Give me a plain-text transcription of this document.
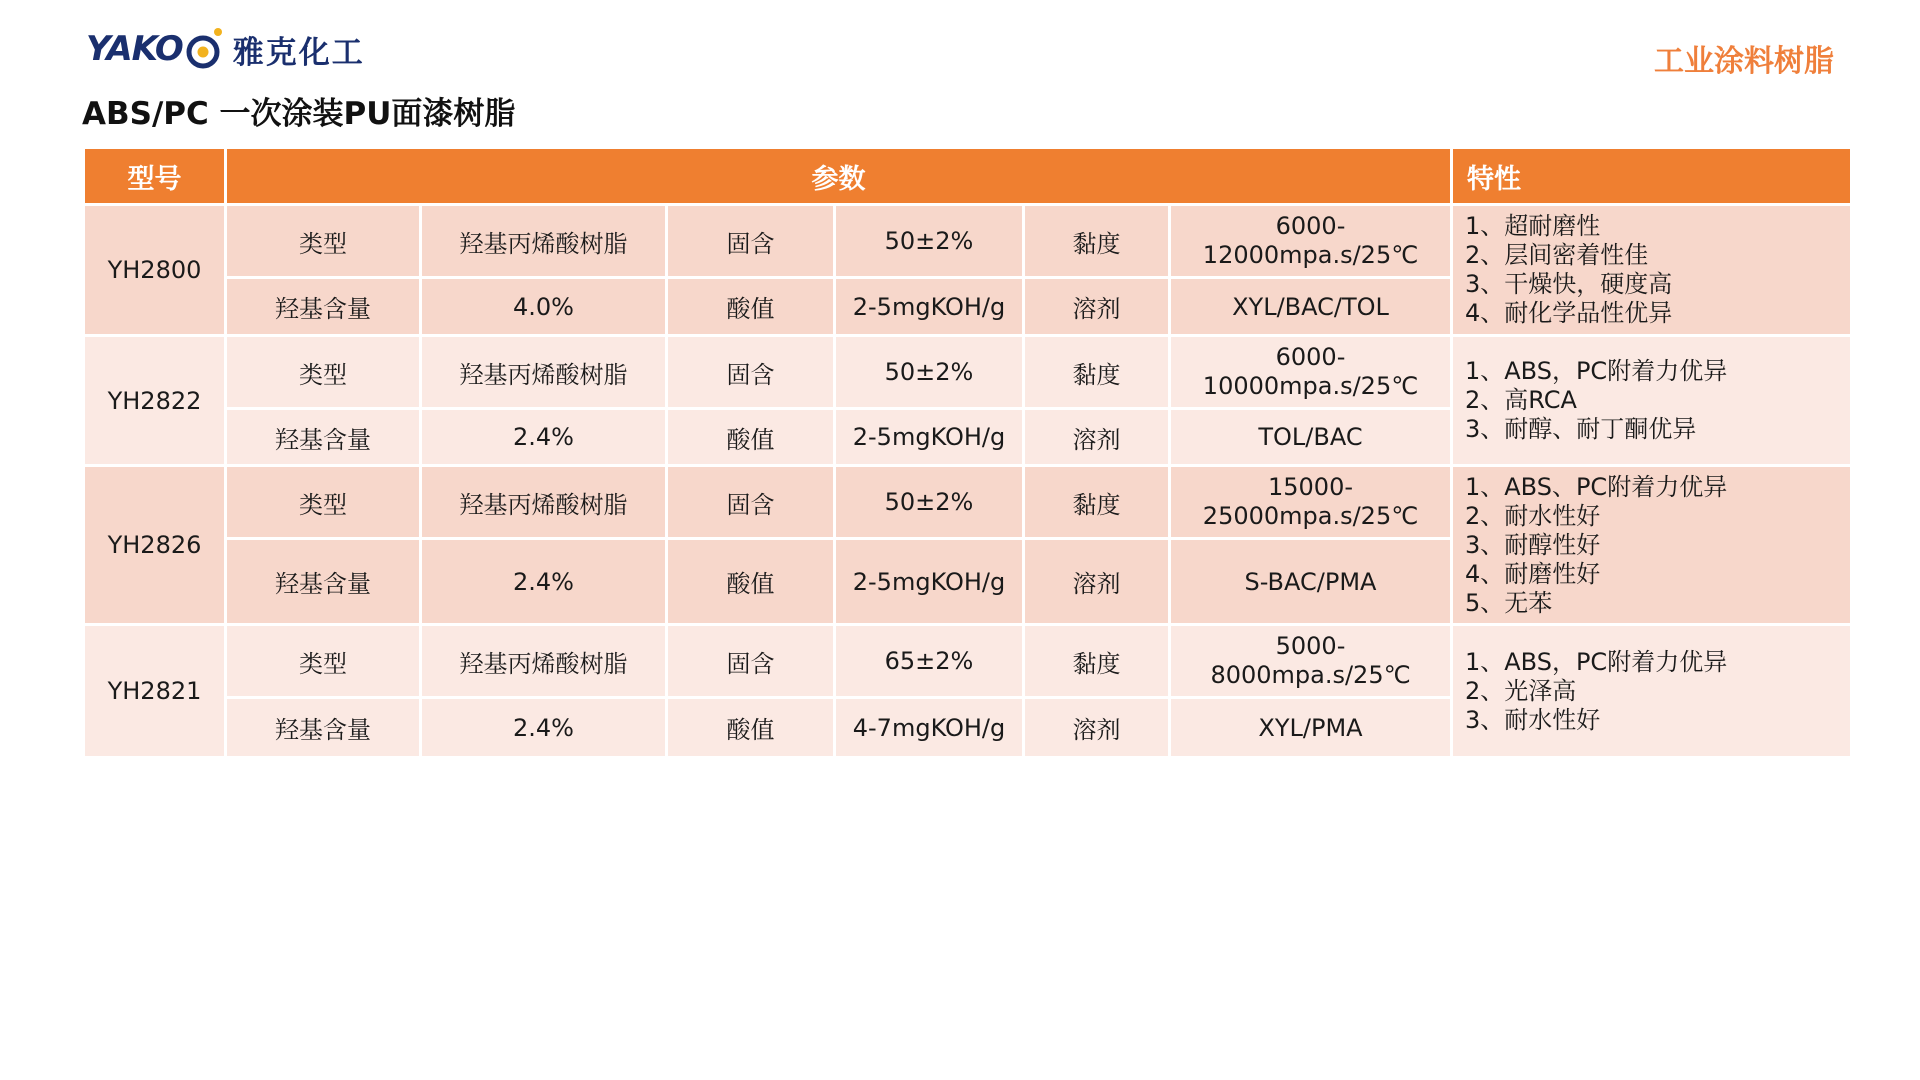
YAKO 雅克化工	工业涂料树脂
ABS/PC 一次涂装PU面漆树脂
型号	参数						特性
YH2800	类型	羟基丙烯酸树脂	固含	50±2%	黏度	6000-
12000mpa.s/25℃	1、超耐磨性
2、层间密着性佳
3、干燥快，硬度高
4、耐化学品性优异

	羟基含量	4.0%	酸值	2-5mgKOH/g	溶剂	XYL/BAC/TOL	
YH2822	类型	羟基丙烯酸树脂	固含	50±2%	黏度	6000-
10000mpa.s/25℃	1、ABS，PC附着力优异
2、高RCA
3、耐醇、耐丁酮优异

	羟基含量	2.4%	酸值	2-5mgKOH/g	溶剂	TOL/BAC	
YH2826	类型	羟基丙烯酸树脂	固含	50±2%	黏度	15000-
25000mpa.s/25℃	1、ABS、PC附着力优异
2、耐水性好
3、耐醇性好
4、耐磨性好
5、无苯

	羟基含量	2.4%	酸值	2-5mgKOH/g	溶剂	S-BAC/PMA	
YH2821	类型	羟基丙烯酸树脂	固含	65±2%	黏度	5000-
8000mpa.s/25℃	1、ABS，PC附着力优异
2、光泽高
3、耐水性好

	羟基含量	2.4%	酸值	4-7mgKOH/g	溶剂	XYL/PMA	
